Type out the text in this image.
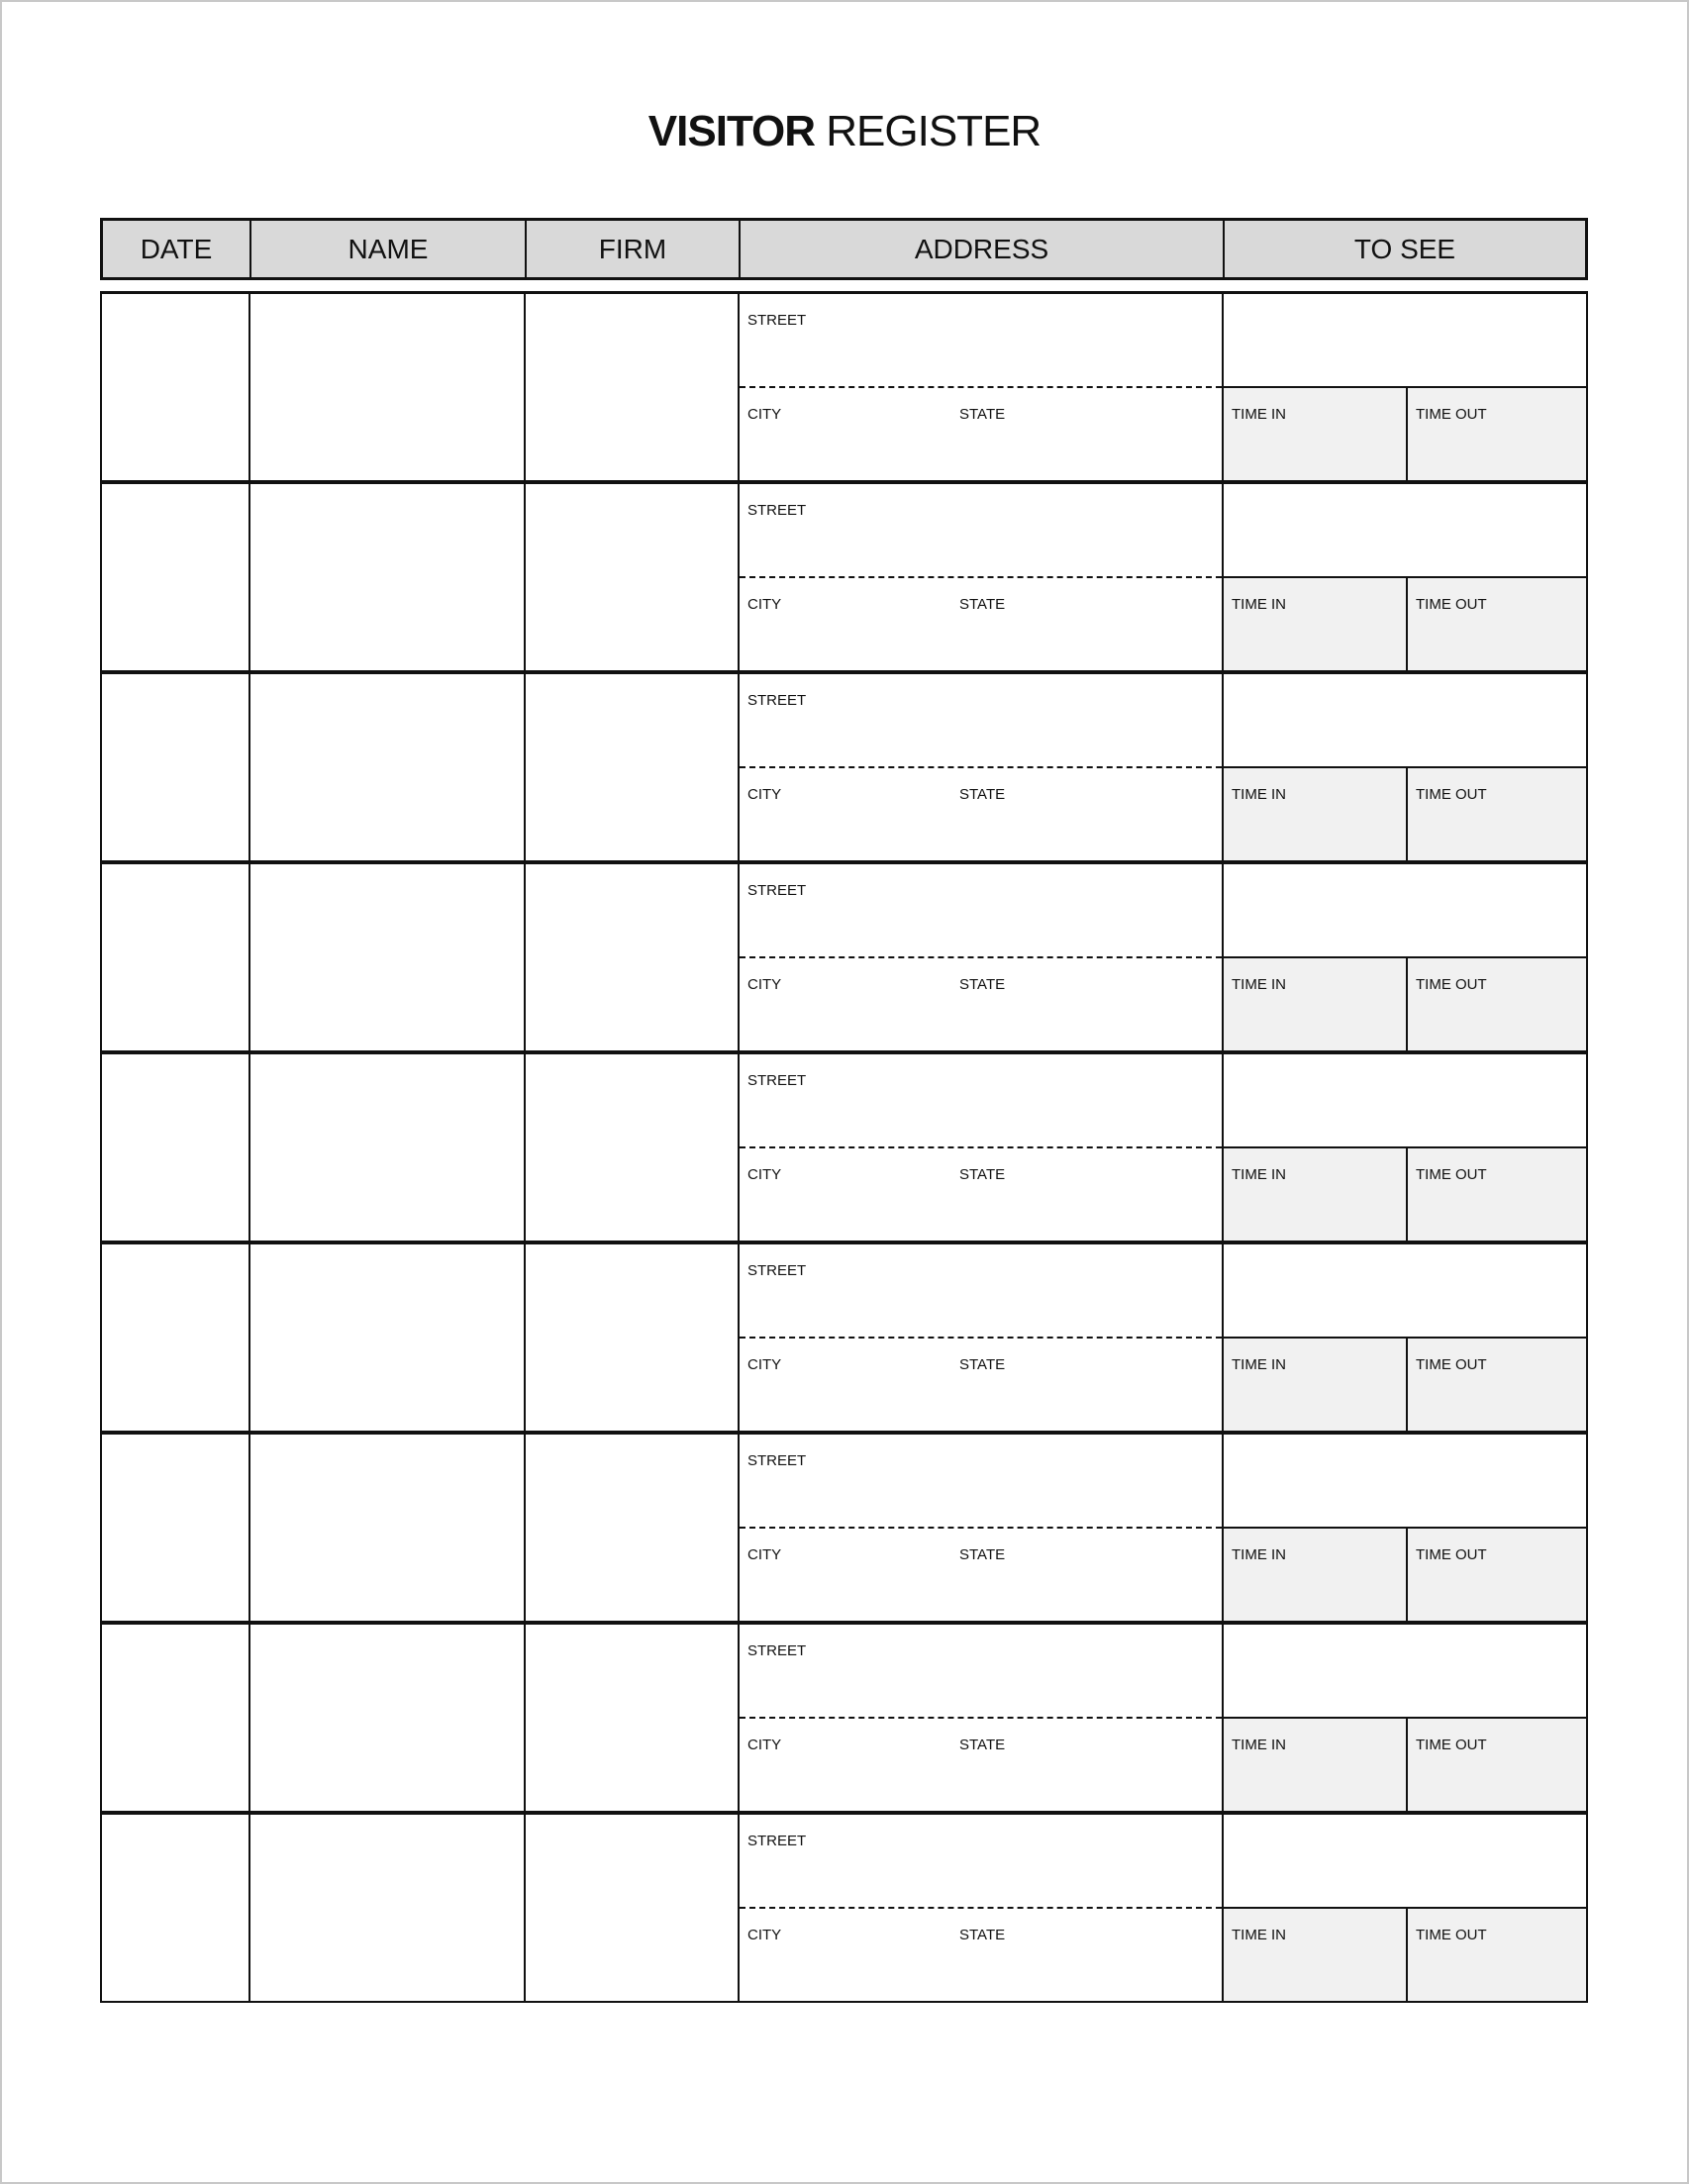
VISITOR REGISTER
DATE	NAME	FIRM	ADDRESS	TO SEE
STREET
CITY	STATE	TIME IN	TIME OUT
STREET
CITY	STATE	TIME IN	TIME OUT
STREET
CITY	STATE	TIME IN	TIME OUT
STREET
CITY	STATE	TIME IN	TIME OUT
STREET
CITY	STATE	TIME IN	TIME OUT
STREET
CITY	STATE	TIME IN	TIME OUT
STREET
CITY	STATE	TIME IN	TIME OUT
STREET
CITY	STATE	TIME IN	TIME OUT
STREET
CITY	STATE	TIME IN	TIME OUT
